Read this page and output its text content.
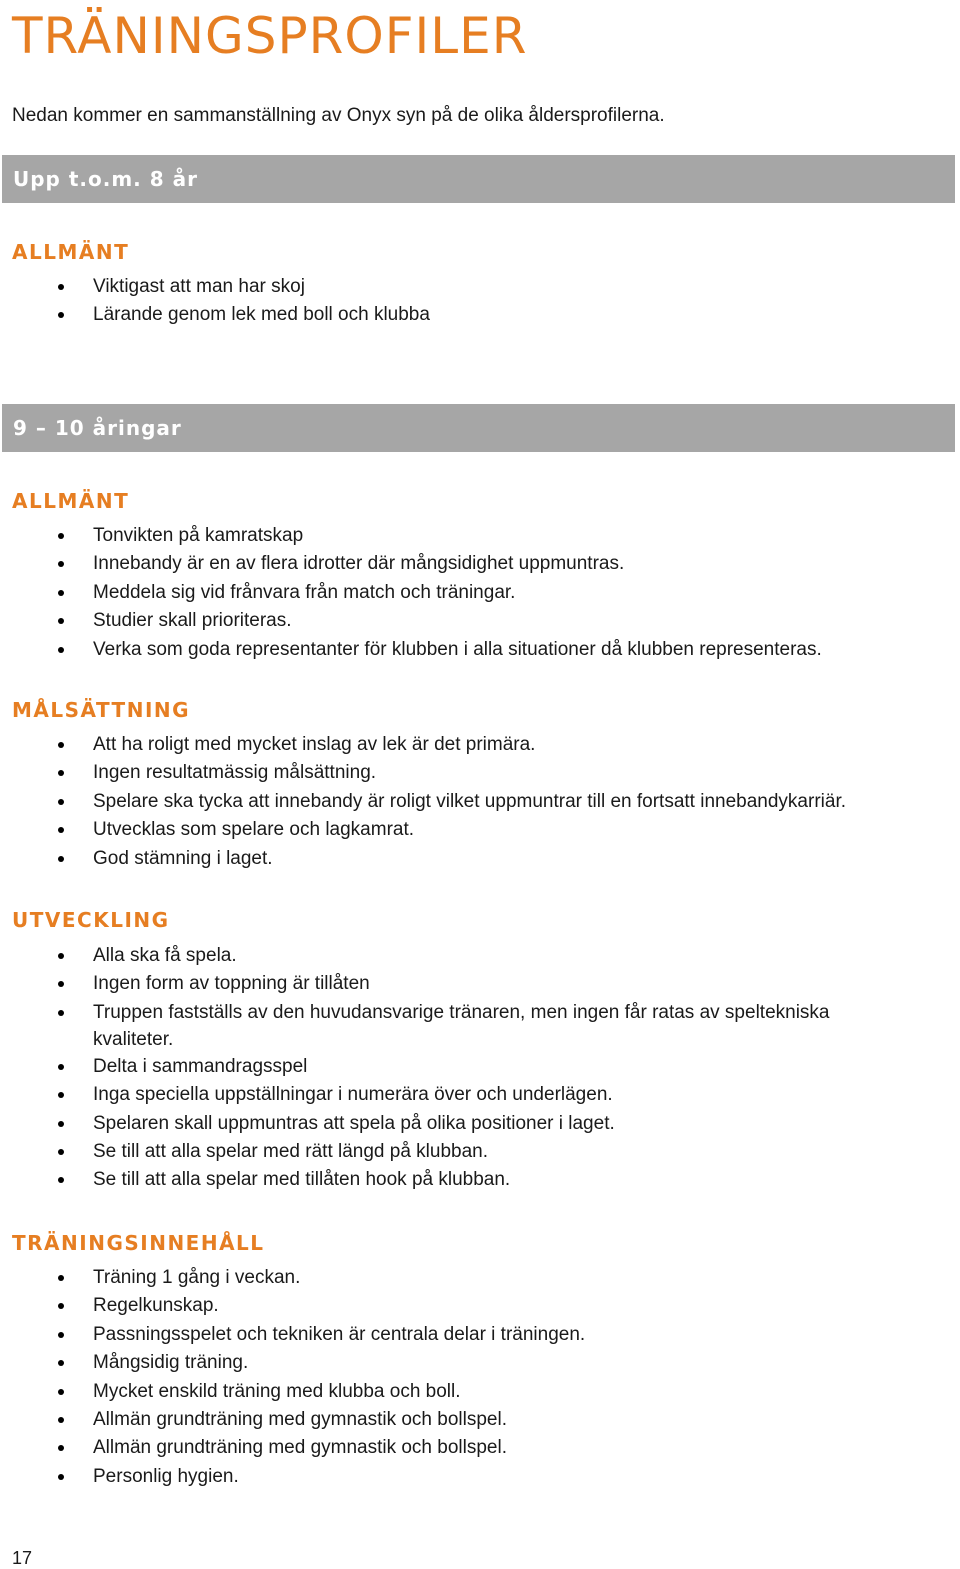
TRÄNINGSPROFILER

Nedan kommer en sammanställning av Onyx syn på de olika åldersprofilerna.

Upp t.o.m. 8 år
ALLMÄNT
Viktigast att man har skoj
Lärande genom lek med boll och klubba
9 – 10 åringar
ALLMÄNT
Tonvikten på kamratskap
Innebandy är en av flera idrotter där mångsidighet uppmuntras.
Meddela sig vid frånvara från match och träningar.
Studier skall prioriteras.
Verka som goda representanter för klubben i alla situationer då klubben representeras.
MÅLSÄTTNING
Att ha roligt med mycket inslag av lek är det primära.
Ingen resultatmässig målsättning.
Spelare ska tycka att innebandy är roligt vilket uppmuntrar till en fortsatt innebandykarriär.
Utvecklas som spelare och lagkamrat.
God stämning i laget.
UTVECKLING
Alla ska få spela.
Ingen form av toppning är tillåten
Truppen fastställs av den huvudansvarige tränaren, men ingen får ratas av speltekniska kvaliteter.
Delta i sammandragsspel
Inga speciella uppställningar i numerära över och underlägen.
Spelaren skall uppmuntras att spela på olika positioner i laget.
Se till att alla spelar med rätt längd på klubban.
Se till att alla spelar med tillåten hook på klubban.
TRÄNINGSINNEHÅLL
Träning 1 gång i veckan.
Regelkunskap.
Passningsspelet och tekniken är centrala delar i träningen.
Mångsidig träning.
Mycket enskild träning med klubba och boll.
Allmän grundträning med gymnastik och bollspel.
Allmän grundträning med gymnastik och bollspel.
Personlig hygien.
17
